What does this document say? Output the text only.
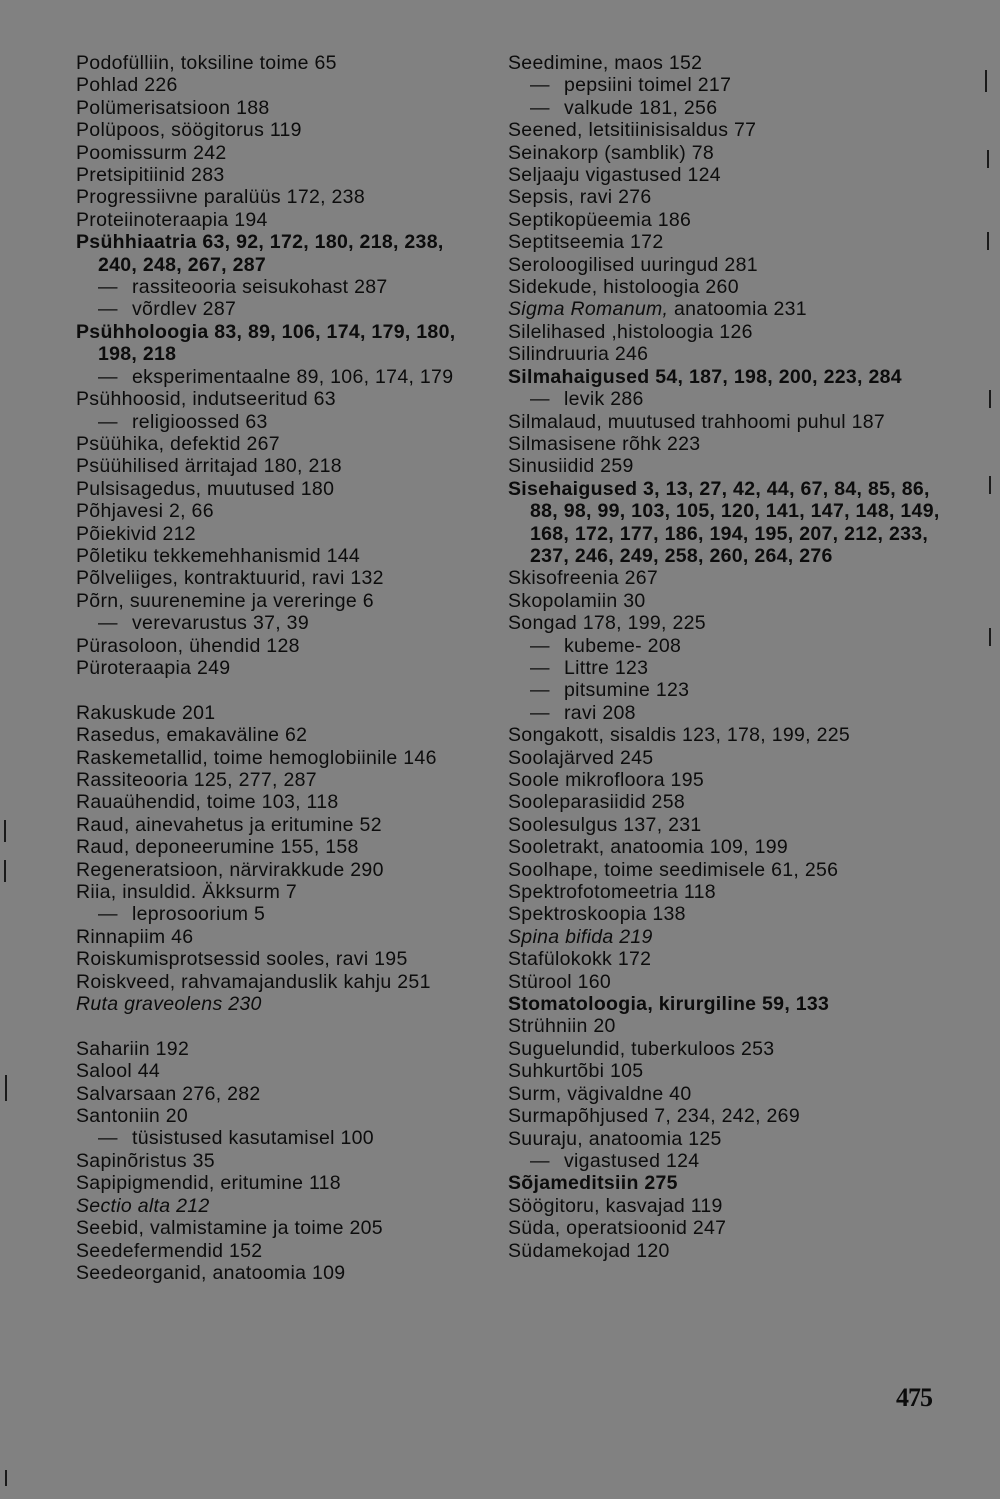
Podofülliin, toksiline toime 65

Pohlad 226

Polümerisatsioon 188

Polüpoos, söögitorus 119

Poomissurm 242

Pretsipitiinid 283

Progressiivne paralüüs 172, 238

Proteiinoteraapia 194

Psühhiaatria 63, 92, 172, 180, 218, 238, 240, 248, 267, 287

— rassiteooria seisukohast 287

— võrdlev 287

Psühholoogia 83, 89, 106, 174, 179, 180, 198, 218

— eksperimentaalne 89, 106, 174, 179

Psühhoosid, indutseeritud 63

— religioossed 63

Psüühika, defektid 267

Psüühilised ärritajad 180, 218

Pulsisagedus, muutused 180

Põhjavesi 2, 66

Põiekivid 212

Põletiku tekkemehhanismid 144

Põlveliiges, kontraktuurid, ravi 132

Põrn, suurenemine ja vereringe 6

— verevarustus 37, 39

Pürasoloon, ühendid 128

Püroteraapia 249

Rakuskude 201

Rasedus, emakaväline 62

Raskemetallid, toime hemoglobiinile 146

Rassiteooria 125, 277, 287

Rauaühendid, toime 103, 118

Raud, ainevahetus ja eritumine 52

Raud, deponeerumine 155, 158

Regeneratsioon, närvirakkude 290

Riia, insuldid. Äkksurm 7

— leprosoorium 5

Rinnapiim 46

Roiskumisprotsessid sooles, ravi 195

Roiskveed, rahvamajanduslik kahju 251

Ruta graveolens 230

Sahariin 192

Salool 44

Salvarsaan 276, 282

Santoniin 20

— tüsistused kasutamisel 100

Sapinõristus 35

Sapipigmendid, eritumine 118

Sectio alta 212

Seebid, valmistamine ja toime 205

Seedefermendid 152

Seedeorganid, anatoomia 109

Seedimine, maos 152

— pepsiini toimel 217

— valkude 181, 256

Seened, letsitiinisisaldus 77

Seinakorp (samblik) 78

Seljaaju vigastused 124

Sepsis, ravi 276

Septikopüeemia 186

Septitseemia 172

Seroloogilised uuringud 281

Sidekude, histoloogia 260

Sigma Romanum, anatoomia 231

Silelihased ,histoloogia 126

Silindruuria 246

Silmahaigused 54, 187, 198, 200, 223, 284

— levik 286

Silmalaud, muutused trahhoomi puhul 187

Silmasisene rõhk 223

Sinusiidid 259

Sisehaigused 3, 13, 27, 42, 44, 67, 84, 85, 86, 88, 98, 99, 103, 105, 120, 141, 147, 148, 149, 168, 172, 177, 186, 194, 195, 207, 212, 233, 237, 246, 249, 258, 260, 264, 276

Skisofreenia 267

Skopolamiin 30

Songad 178, 199, 225

— kubeme- 208

— Littre 123

— pitsumine 123

— ravi 208

Songakott, sisaldis 123, 178, 199, 225

Soolajärved 245

Soole mikrofloora 195

Sooleparasiidid 258

Soolesulgus 137, 231

Sooletrakt, anatoomia 109, 199

Soolhape, toime seedimisele 61, 256

Spektrofotomeetria 118

Spektroskoopia 138

Spina bifida 219

Stafülokokk 172

Stürool 160

Stomatoloogia, kirurgiline 59, 133

Strühniin 20

Suguelundid, tuberkuloos 253

Suhkurtõbi 105

Surm, vägivaldne 40

Surmapõhjused 7, 234, 242, 269

Suuraju, anatoomia 125

— vigastused 124

Sõjameditsiin 275

Söögitoru, kasvajad 119

Süda, operatsioonid 247

Südamekojad 120

475
